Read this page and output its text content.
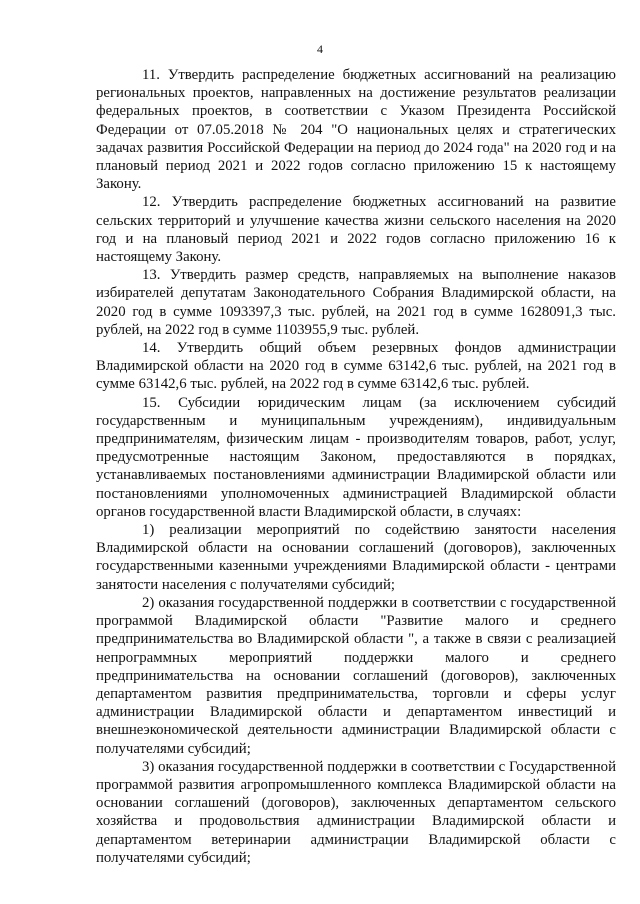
4

11. Утвердить распределение бюджетных ассигнований на реализацию региональных проектов, направленных на достижение результатов реализации федеральных проектов, в соответствии с Указом Президента Российской Федерации от 07.05.2018 № 204 "О национальных целях и стратегических задачах развития Российской Федерации на период до 2024 года" на 2020 год и на плановый период 2021 и 2022 годов согласно приложению 15 к настоящему Закону.

12. Утвердить распределение бюджетных ассигнований на развитие сельских территорий и улучшение качества жизни сельского населения на 2020 год и на плановый период 2021 и 2022 годов согласно приложению 16 к настоящему Закону.

13. Утвердить размер средств, направляемых на выполнение наказов избирателей депутатам Законодательного Собрания Владимирской области, на 2020 год в сумме 1093397,3 тыс. рублей, на 2021 год в сумме 1628091,3 тыс. рублей, на 2022 год в сумме 1103955,9 тыс. рублей.

14. Утвердить общий объем резервных фондов администрации Владимирской области на 2020 год в сумме 63142,6 тыс. рублей, на 2021 год в сумме 63142,6 тыс. рублей, на 2022 год в сумме 63142,6 тыс. рублей.

15. Субсидии юридическим лицам (за исключением субсидий государственным и муниципальным учреждениям), индивидуальным предпринимателям, физическим лицам - производителям товаров, работ, услуг, предусмотренные настоящим Законом, предоставляются в порядках, устанавливаемых постановлениями администрации Владимирской области или постановлениями уполномоченных администрацией Владимирской области органов государственной власти Владимирской области, в случаях:

1) реализации мероприятий по содействию занятости населения Владимирской области на основании соглашений (договоров), заключенных государственными казенными учреждениями Владимирской области - центрами занятости населения с получателями субсидий;

2) оказания государственной поддержки в соответствии с государственной программой Владимирской области "Развитие малого и среднего предпринимательства во Владимирской области ", а также в связи с реализацией непрограммных мероприятий поддержки малого и среднего предпринимательства на основании соглашений (договоров), заключенных департаментом развития предпринимательства, торговли и сферы услуг администрации Владимирской области и департаментом инвестиций и внешнеэкономической деятельности администрации Владимирской области с получателями субсидий;

3) оказания государственной поддержки в соответствии с Государственной программой развития агропромышленного комплекса Владимирской области на основании соглашений (договоров), заключенных департаментом сельского хозяйства и продовольствия администрации Владимирской области и департаментом ветеринарии администрации Владимирской области с получателями субсидий;
